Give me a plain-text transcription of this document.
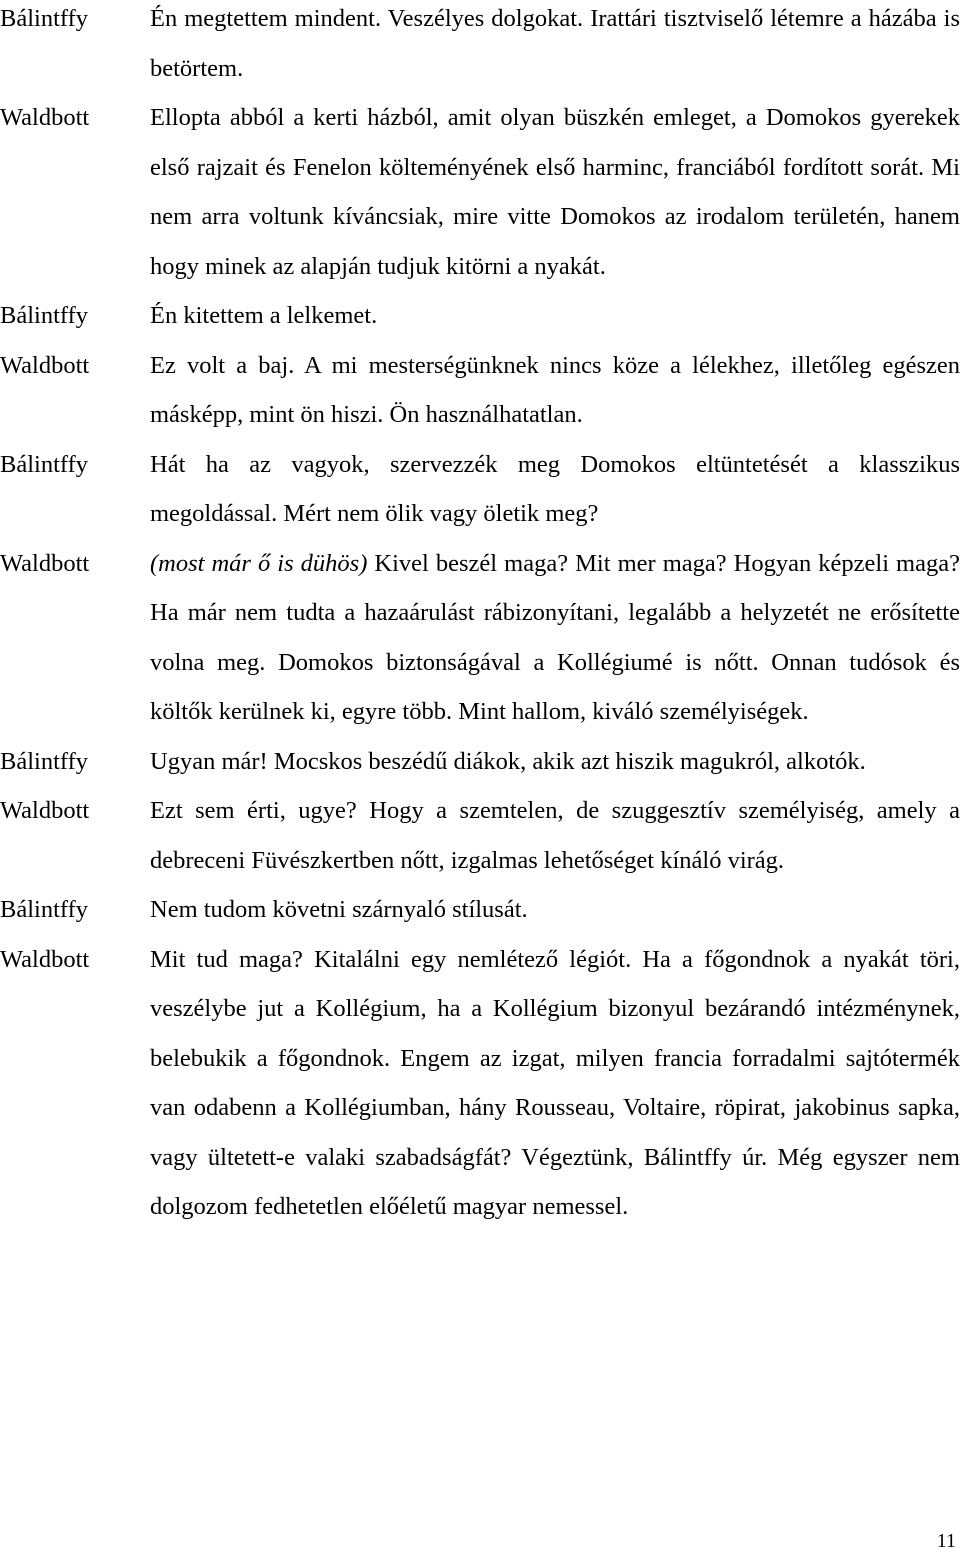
Bálintffy	Én megtettem mindent. Veszélyes dolgokat. Irattári tisztviselő létemre a házába is betörtem.
Waldbott	Ellopta abból a kerti házból, amit olyan büszkén emleget, a Domokos gyerekek első rajzait és Fenelon költeményének első harminc, franciából fordított sorát. Mi nem arra voltunk kíváncsiak, mire vitte Domokos az irodalom területén, hanem hogy minek az alapján tudjuk kitörni a nyakát.
Bálintffy	Én kitettem a lelkemet.
Waldbott	Ez volt a baj. A mi mesterségünknek nincs köze a lélekhez, illetőleg egészen másképp, mint ön hiszi. Ön használhatatlan.
Bálintffy	Hát ha az vagyok, szervezzék meg Domokos eltüntetését a klasszikus megoldással. Mért nem ölik vagy öletik meg?
Waldbott	(most már ő is dühös) Kivel beszél maga? Mit mer maga? Hogyan képzeli maga? Ha már nem tudta a hazaárulást rábizonyítani, legalább a helyzetét ne erősítette volna meg. Domokos biztonságával a Kollégiumé is nőtt. Onnan tudósok és költők kerülnek ki, egyre több. Mint hallom, kiváló személyiségek.
Bálintffy	Ugyan már! Mocskos beszédű diákok, akik azt hiszik magukról, alkotók.
Waldbott	Ezt sem érti, ugye? Hogy a szemtelen, de szuggesztív személyiség, amely a debreceni Füvészkertben nőtt, izgalmas lehetőséget kínáló virág.
Bálintffy	Nem tudom követni szárnyaló stílusát.
Waldbott	Mit tud maga? Kitalálni egy nemlétező légiót. Ha a főgondnok a nyakát töri, veszélybe jut a Kollégium, ha a Kollégium bizonyul bezárandó intézménynek, belebukik a főgondnok. Engem az izgat, milyen francia forradalmi sajtótermék van odabenn a Kollégiumban, hány Rousseau, Voltaire, röpirat, jakobinus sapka, vagy ültetett-e valaki szabadságfát? Végeztünk, Bálintffy úr. Még egyszer nem dolgozom fedhetetlen előéletű magyar nemessel.
11
